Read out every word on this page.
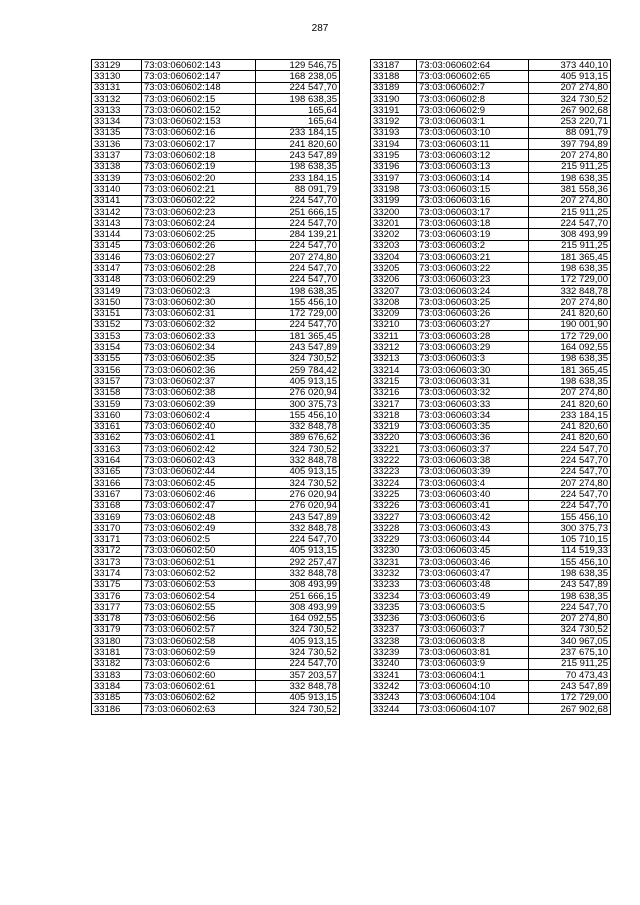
287
33129	73:03:060602:143	129 546,75
33130	73:03:060602:147	168 238,05
33131	73:03:060602:148	224 547,70
33132	73:03:060602:15	198 638,35
33133	73:03:060602:152	165,64
33134	73:03:060602:153	165,64
33135	73:03:060602:16	233 184,15
33136	73:03:060602:17	241 820,60
33137	73:03:060602:18	243 547,89
33138	73:03:060602:19	198 638,35
33139	73:03:060602:20	233 184,15
33140	73:03:060602:21	88 091,79
33141	73:03:060602:22	224 547,70
33142	73:03:060602:23	251 666,15
33143	73:03:060602:24	224 547,70
33144	73:03:060602:25	284 139,21
33145	73:03:060602:26	224 547,70
33146	73:03:060602:27	207 274,80
33147	73:03:060602:28	224 547,70
33148	73:03:060602:29	224 547,70
33149	73:03:060602:3	198 638,35
33150	73:03:060602:30	155 456,10
33151	73:03:060602:31	172 729,00
33152	73:03:060602:32	224 547,70
33153	73:03:060602:33	181 365,45
33154	73:03:060602:34	243 547,89
33155	73:03:060602:35	324 730,52
33156	73:03:060602:36	259 784,42
33157	73:03:060602:37	405 913,15
33158	73:03:060602:38	276 020,94
33159	73:03:060602:39	300 375,73
33160	73:03:060602:4	155 456,10
33161	73:03:060602:40	332 848,78
33162	73:03:060602:41	389 676,62
33163	73:03:060602:42	324 730,52
33164	73:03:060602:43	332 848,78
33165	73:03:060602:44	405 913,15
33166	73:03:060602:45	324 730,52
33167	73:03:060602:46	276 020,94
33168	73:03:060602:47	276 020,94
33169	73:03:060602:48	243 547,89
33170	73:03:060602:49	332 848,78
33171	73:03:060602:5	224 547,70
33172	73:03:060602:50	405 913,15
33173	73:03:060602:51	292 257,47
33174	73:03:060602:52	332 848,78
33175	73:03:060602:53	308 493,99
33176	73:03:060602:54	251 666,15
33177	73:03:060602:55	308 493,99
33178	73:03:060602:56	164 092,55
33179	73:03:060602:57	324 730,52
33180	73:03:060602:58	405 913,15
33181	73:03:060602:59	324 730,52
33182	73:03:060602:6	224 547,70
33183	73:03:060602:60	357 203,57
33184	73:03:060602:61	332 848,78
33185	73:03:060602:62	405 913,15
33186	73:03:060602:63	324 730,52
33187	73:03:060602:64	373 440,10
33188	73:03:060602:65	405 913,15
33189	73:03:060602:7	207 274,80
33190	73:03:060602:8	324 730,52
33191	73:03:060602:9	267 902,68
33192	73:03:060603:1	253 220,71
33193	73:03:060603:10	88 091,79
33194	73:03:060603:11	397 794,89
33195	73:03:060603:12	207 274,80
33196	73:03:060603:13	215 911,25
33197	73:03:060603:14	198 638,35
33198	73:03:060603:15	381 558,36
33199	73:03:060603:16	207 274,80
33200	73:03:060603:17	215 911,25
33201	73:03:060603:18	224 547,70
33202	73:03:060603:19	308 493,99
33203	73:03:060603:2	215 911,25
33204	73:03:060603:21	181 365,45
33205	73:03:060603:22	198 638,35
33206	73:03:060603:23	172 729,00
33207	73:03:060603:24	332 848,78
33208	73:03:060603:25	207 274,80
33209	73:03:060603:26	241 820,60
33210	73:03:060603:27	190 001,90
33211	73:03:060603:28	172 729,00
33212	73:03:060603:29	164 092,55
33213	73:03:060603:3	198 638,35
33214	73:03:060603:30	181 365,45
33215	73:03:060603:31	198 638,35
33216	73:03:060603:32	207 274,80
33217	73:03:060603:33	241 820,60
33218	73:03:060603:34	233 184,15
33219	73:03:060603:35	241 820,60
33220	73:03:060603:36	241 820,60
33221	73:03:060603:37	224 547,70
33222	73:03:060603:38	224 547,70
33223	73:03:060603:39	224 547,70
33224	73:03:060603:4	207 274,80
33225	73:03:060603:40	224 547,70
33226	73:03:060603:41	224 547,70
33227	73:03:060603:42	155 456,10
33228	73:03:060603:43	300 375,73
33229	73:03:060603:44	105 710,15
33230	73:03:060603:45	114 519,33
33231	73:03:060603:46	155 456,10
33232	73:03:060603:47	198 638,35
33233	73:03:060603:48	243 547,89
33234	73:03:060603:49	198 638,35
33235	73:03:060603:5	224 547,70
33236	73:03:060603:6	207 274,80
33237	73:03:060603:7	324 730,52
33238	73:03:060603:8	340 967,05
33239	73:03:060603:81	237 675,10
33240	73:03:060603:9	215 911,25
33241	73:03:060604:1	70 473,43
33242	73:03:060604:10	243 547,89
33243	73:03:060604:104	172 729,00
33244	73:03:060604:107	267 902,68
